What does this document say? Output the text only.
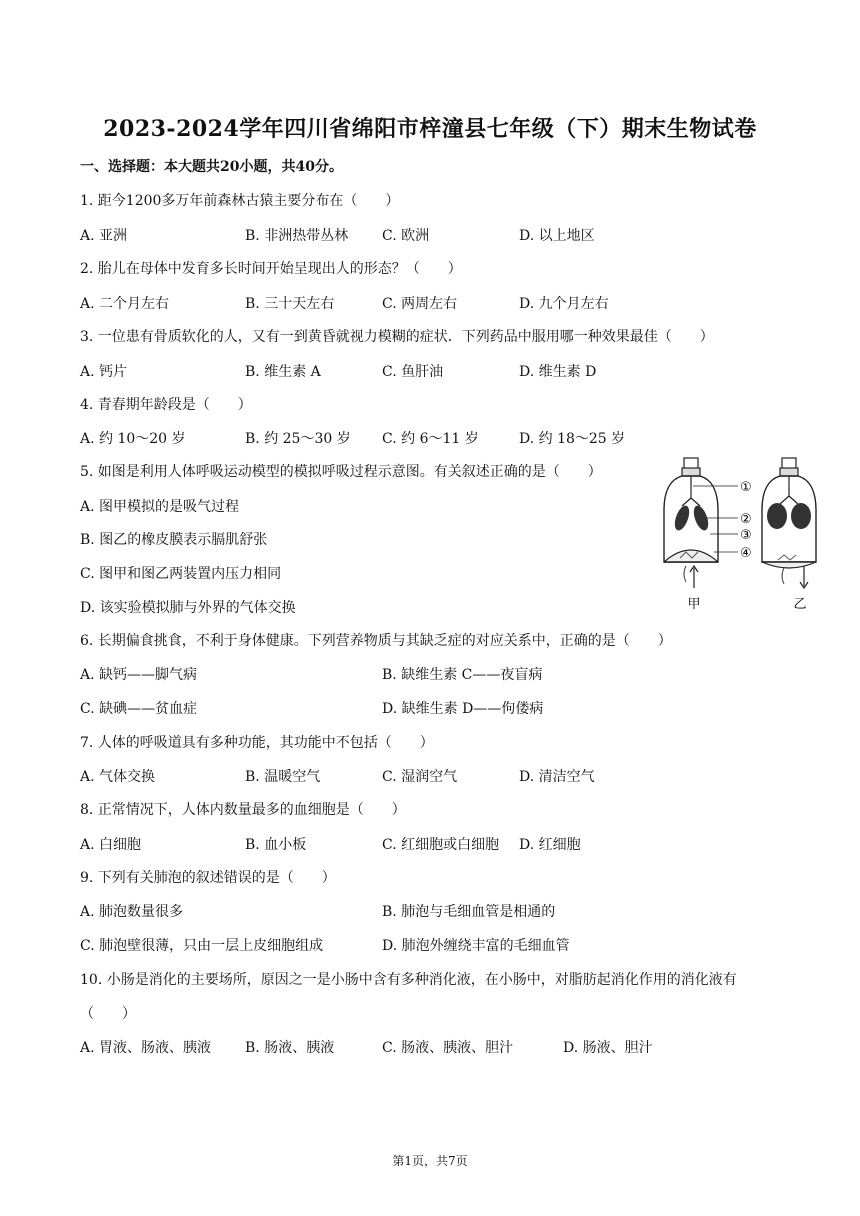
2023-2024学年四川省绵阳市梓潼县七年级（下）期末生物试卷
一、选择题：本大题共20小题，共40分。
1. 距今1200多万年前森林古猿主要分布在（　　）
A. 亚洲	B. 非洲热带丛林 C. 欧洲	D. 以上地区
2. 胎儿在母体中发育多长时间开始呈现出人的形态？（　　）
A. 二个月左右	B. 三十天左右	C. 两周左右	D. 九个月左右
3. 一位患有骨质软化的人，又有一到黄昏就视力模糊的症状．下列药品中服用哪一种效果最佳（　　）
A. 钙片	B. 维生素 A	C. 鱼肝油	D. 维生素 D
4. 青春期年龄段是（　　）
A. 约 10～20 岁	B. 约 25～30 岁 C. 约 6～11 岁	D. 约 18～25 岁
5. 如图是利用人体呼吸运动模型的模拟呼吸过程示意图。有关叙述正确的是（　　）
A. 图甲模拟的是吸气过程
B. 图乙的橡皮膜表示膈肌舒张
C. 图甲和图乙两装置内压力相同
D. 该实验模拟肺与外界的气体交换
①
②
③
④
甲	乙
6. 长期偏食挑食，不利于身体健康。下列营养物质与其缺乏症的对应关系中，正确的是（　　）
A. 缺钙——脚气病	B. 缺维生素 C——夜盲病
C. 缺碘——贫血症	D. 缺维生素 D——佝偻病
7. 人体的呼吸道具有多种功能，其功能中不包括（　　）
A. 气体交换	B. 温暖空气	C. 湿润空气	D. 清洁空气
8. 正常情况下，人体内数量最多的血细胞是（　　）
A. 白细胞	B. 血小板	C. 红细胞或白细胞 D. 红细胞
9. 下列有关肺泡的叙述错误的是（　　）
A. 肺泡数量很多	B. 肺泡与毛细血管是相通的
C. 肺泡壁很薄，只由一层上皮细胞组成	D. 肺泡外缠绕丰富的毛细血管
10. 小肠是消化的主要场所，原因之一是小肠中含有多种消化液，在小肠中，对脂肪起消化作用的消化液有
（　　）
A. 胃液、肠液、胰液 B. 肠液、胰液	C. 肠液、胰液、胆汁	D. 肠液、胆汁
第1页，共7页
